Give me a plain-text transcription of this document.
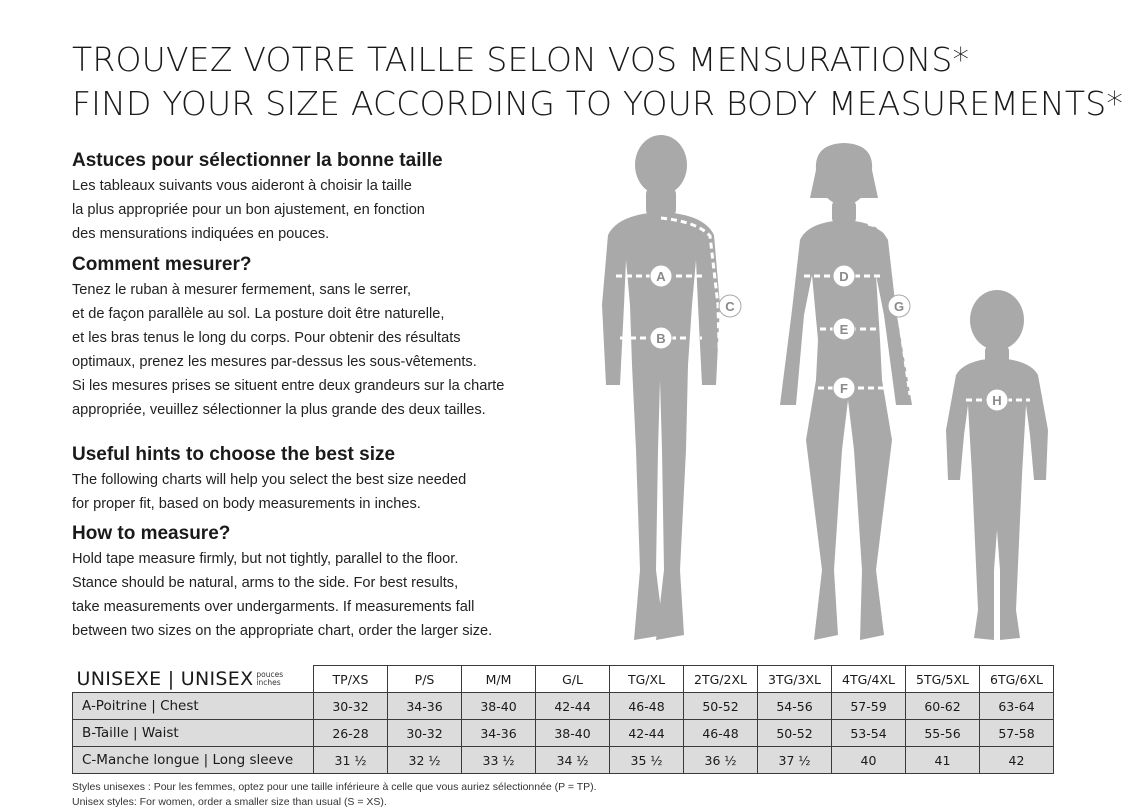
TROUVEZ VOTRE TAILLE SELON VOS MENSURATIONS*
FIND YOUR SIZE ACCORDING TO YOUR BODY MEASUREMENTS*
Astuces pour sélectionner la bonne taille
Les tableaux suivants vous aideront à choisir la taille
la plus appropriée pour un bon ajustement, en fonction
des mensurations indiquées en pouces.
Comment mesurer?
Tenez le ruban à mesurer fermement, sans le serrer,
et de façon parallèle au sol. La posture doit être naturelle,
et les bras tenus le long du corps. Pour obtenir des résultats
optimaux, prenez les mesures par-dessus les sous-vêtements.
Si les mesures prises se situent entre deux grandeurs sur la charte
appropriée, veuillez sélectionner la plus grande des deux tailles.
Useful hints to choose the best size
The following charts will help you select the best size needed
for proper fit, based on body measurements in inches.
How to measure?
Hold tape measure firmly, but not tightly, parallel to the floor.
Stance should be natural, arms to the side. For best results,
take measurements over undergarments. If measurements fall
between two sizes on the appropriate chart, order the larger size.
A
B
C
D
E
F
G
H
UNISEXE | UNISEX pouces
inches	TP/XS	P/S	M/M	G/L	TG/XL	2TG/2XL	3TG/3XL	4TG/4XL	5TG/5XL	6TG/6XL
A-Poitrine | Chest	30-32	34-36	38-40	42-44	46-48	50-52	54-56	57-59	60-62	63-64
B-Taille | Waist	26-28	30-32	34-36	38-40	42-44	46-48	50-52	53-54	55-56	57-58
C-Manche longue | Long sleeve	31 ½	32 ½	33 ½	34 ½	35 ½	36 ½	37 ½	40	41	42
Styles unisexes : Pour les femmes, optez pour une taille inférieure à celle que vous auriez sélectionnée (P = TP).
Unisex styles: For women, order a smaller size than usual (S = XS).
